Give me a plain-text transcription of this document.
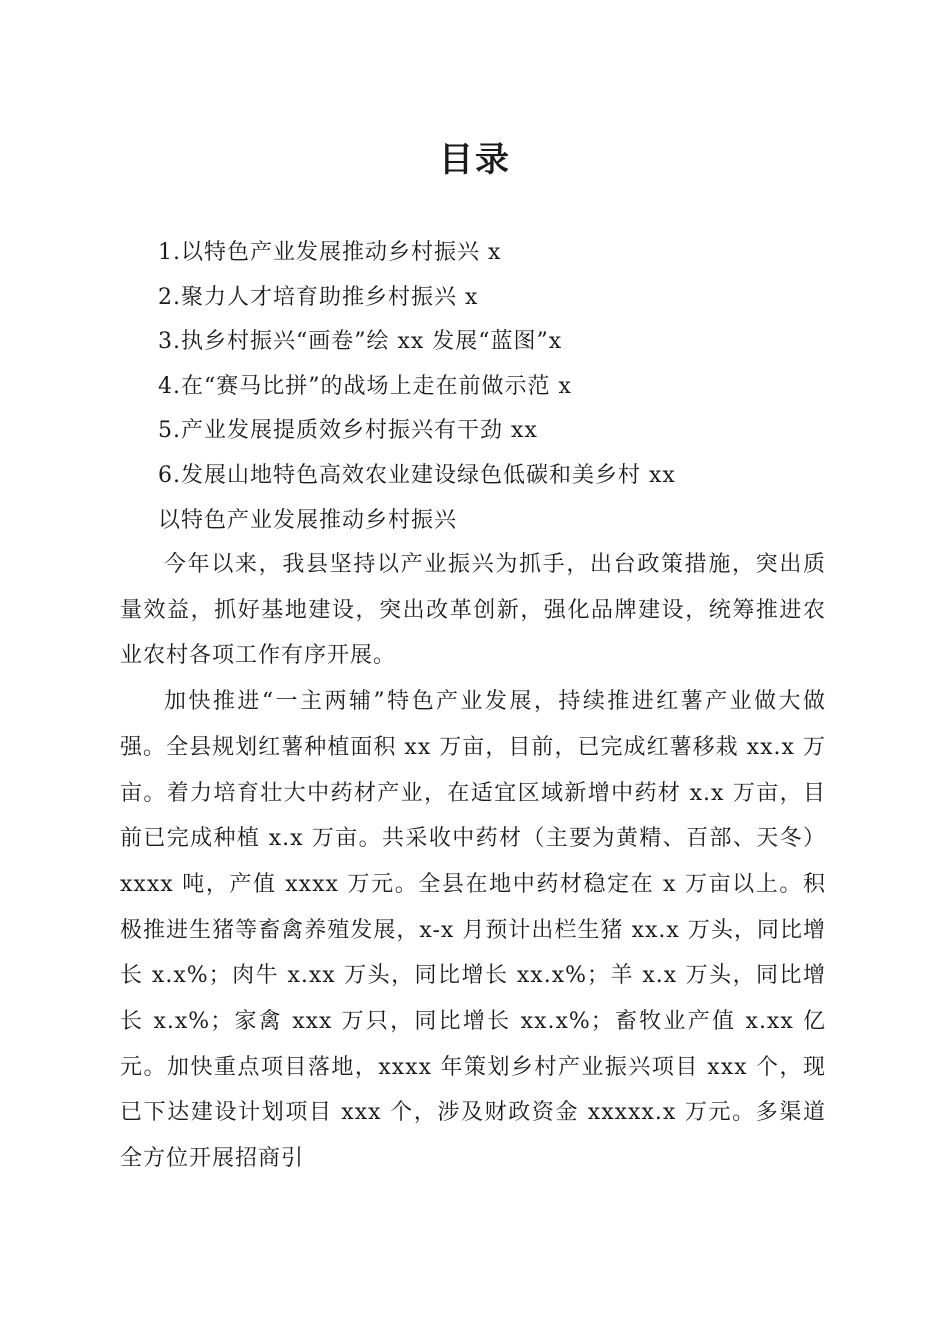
目录
1.以特色产业发展推动乡村振兴 x
2.聚力人才培育助推乡村振兴 x
3.执乡村振兴“画卷”绘 xx 发展“蓝图”x
4.在“赛马比拼”的战场上走在前做示范 x
5.产业发展提质效乡村振兴有干劲 xx
6.发展山地特色高效农业建设绿色低碳和美乡村 xx
以特色产业发展推动乡村振兴

今年以来，我县坚持以产业振兴为抓手，出台政策措施，突出质量效益，抓好基地建设，突出改革创新，强化品牌建设，统筹推进农业农村各项工作有序开展。

加快推进“一主两辅”特色产业发展，持续推进红薯产业做大做强。全县规划红薯种植面积 xx 万亩，目前，已完成红薯移栽 xx.x 万亩。着力培育壮大中药材产业，在适宜区域新增中药材 x.x 万亩，目前已完成种植 x.x 万亩。共采收中药材（主要为黄精、百部、天冬）xxxx 吨，产值 xxxx 万元。全县在地中药材稳定在 x 万亩以上。积极推进生猪等畜禽养殖发展，x-x 月预计出栏生猪 xx.x 万头，同比增长 x.x%；肉牛 x.xx 万头，同比增长 xx.x%；羊 x.x 万头，同比增长 x.x%；家禽 xxx 万只，同比增长 xx.x%；畜牧业产值 x.xx 亿元。加快重点项目落地，xxxx 年策划乡村产业振兴项目 xxx 个，现已下达建设计划项目 xxx 个，涉及财政资金 xxxxx.x 万元。多渠道全方位开展招商引
